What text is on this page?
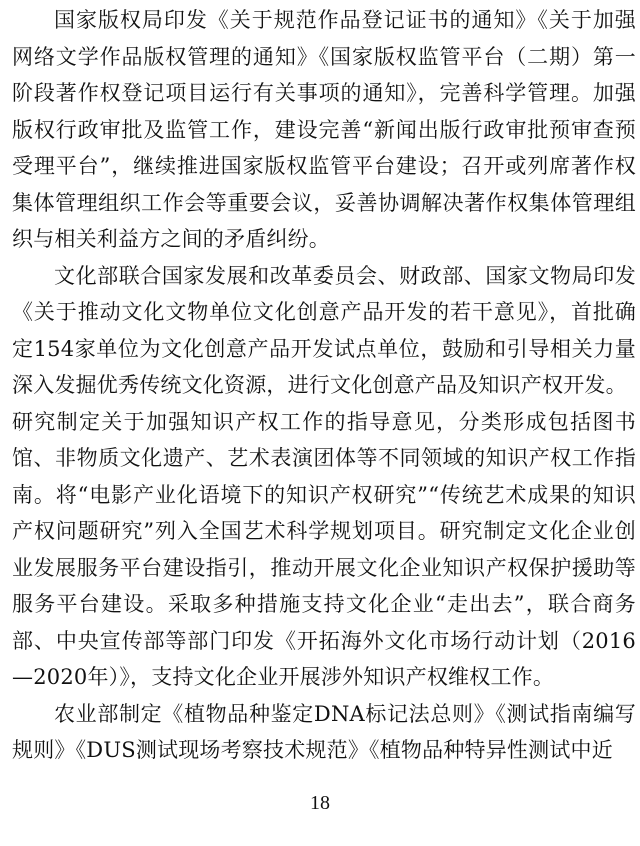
国家版权局印发《关于规范作品登记证书的通知》《关于加强网络文学作品版权管理的通知》《国家版权监管平台（二期）第一阶段著作权登记项目运行有关事项的通知》，完善科学管理。加强版权行政审批及监管工作，建设完善“新闻出版行政审批预审查预受理平台”，继续推进国家版权监管平台建设；召开或列席著作权集体管理组织工作会等重要会议，妥善协调解决著作权集体管理组织与相关利益方之间的矛盾纠纷。

文化部联合国家发展和改革委员会、财政部、国家文物局印发《关于推动文化文物单位文化创意产品开发的若干意见》，首批确定154家单位为文化创意产品开发试点单位，鼓励和引导相关力量深入发掘优秀传统文化资源，进行文化创意产品及知识产权开发。

研究制定关于加强知识产权工作的指导意见，分类形成包括图书馆、非物质文化遗产、艺术表演团体等不同领域的知识产权工作指南。将“电影产业化语境下的知识产权研究”“传统艺术成果的知识产权问题研究”列入全国艺术科学规划项目。研究制定文化企业创业发展服务平台建设指引，推动开展文化企业知识产权保护援助等服务平台建设。采取多种措施支持文化企业“走出去”，联合商务部、中央宣传部等部门印发《开拓海外文化市场行动计划（2016—2020年）》，支持文化企业开展涉外知识产权维权工作。

农业部制定《植物品种鉴定DNA标记法总则》《测试指南编写规则》《DUS测试现场考察技术规范》《植物品种特异性测试中近

18
